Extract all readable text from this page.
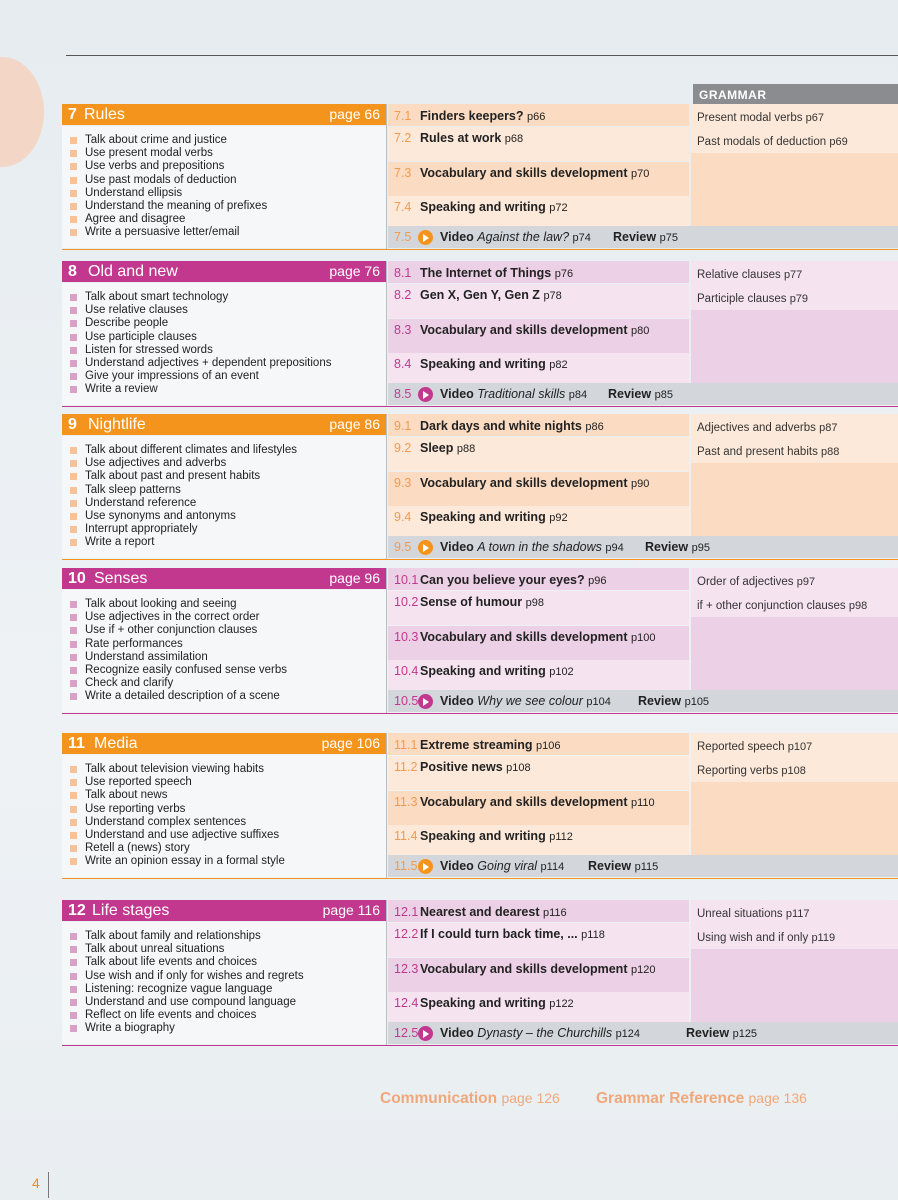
GRAMMAR
7 Rules	page 66
Talk about crime and justice
Use present modal verbs
Use verbs and prepositions
Use past modals of deduction
Understand ellipsis
Understand the meaning of prefixes
Agree and disagree
Write a persuasive letter/email
7.1 Finders keepers? p66
7.2 Rules at work p68
7.3 Vocabulary and skills development p70
7.4 Speaking and writing p72
Present modal verbs p67
Past modals of deduction p69
7.5 Video Against the law? p74 Review p75
8 Old and new	page 76
Talk about smart technology
Use relative clauses
Describe people
Use participle clauses
Listen for stressed words
Understand adjectives + dependent prepositions
Give your impressions of an event
Write a review
8.1 The Internet of Things p76
8.2 Gen X, Gen Y, Gen Z p78
8.3 Vocabulary and skills development p80
8.4 Speaking and writing p82
Relative clauses p77
Participle clauses p79
8.5 Video Traditional skills p84 Review p85
9 Nightlife	page 86
Talk about different climates and lifestyles
Use adjectives and adverbs
Talk about past and present habits
Talk sleep patterns
Understand reference
Use synonyms and antonyms
Interrupt appropriately
Write a report
9.1 Dark days and white nights p86
9.2 Sleep p88
9.3 Vocabulary and skills development p90
9.4 Speaking and writing p92
Adjectives and adverbs p87
Past and present habits p88
9.5 Video A town in the shadows p94 Review p95
10 Senses	page 96
Talk about looking and seeing
Use adjectives in the correct order
Use if + other conjunction clauses
Rate performances
Understand assimilation
Recognize easily confused sense verbs
Check and clarify
Write a detailed description of a scene
10.1 Can you believe your eyes? p96
10.2 Sense of humour p98
10.3 Vocabulary and skills development p100
10.4 Speaking and writing p102
Order of adjectives p97
if + other conjunction clauses p98
10.5 Video Why we see colour p104 Review p105
11 Media	page 106
Talk about television viewing habits
Use reported speech
Talk about news
Use reporting verbs
Understand complex sentences
Understand and use adjective suffixes
Retell a (news) story
Write an opinion essay in a formal style
11.1 Extreme streaming p106
11.2 Positive news p108
11.3 Vocabulary and skills development p110
11.4 Speaking and writing p112
Reported speech p107
Reporting verbs p108
11.5 Video Going viral p114 Review p115
12 Life stages	page 116
Talk about family and relationships
Talk about unreal situations
Talk about life events and choices
Use wish and if only for wishes and regrets
Listening: recognize vague language
Understand and use compound language
Reflect on life events and choices
Write a biography
12.1 Nearest and dearest p116
12.2 If I could turn back time, ... p118
12.3 Vocabulary and skills development p120
12.4 Speaking and writing p122
Unreal situations p117
Using wish and if only p119
12.5 Video Dynasty – the Churchills p124	Review p125
Communication page 126 Grammar Reference page 136
4
